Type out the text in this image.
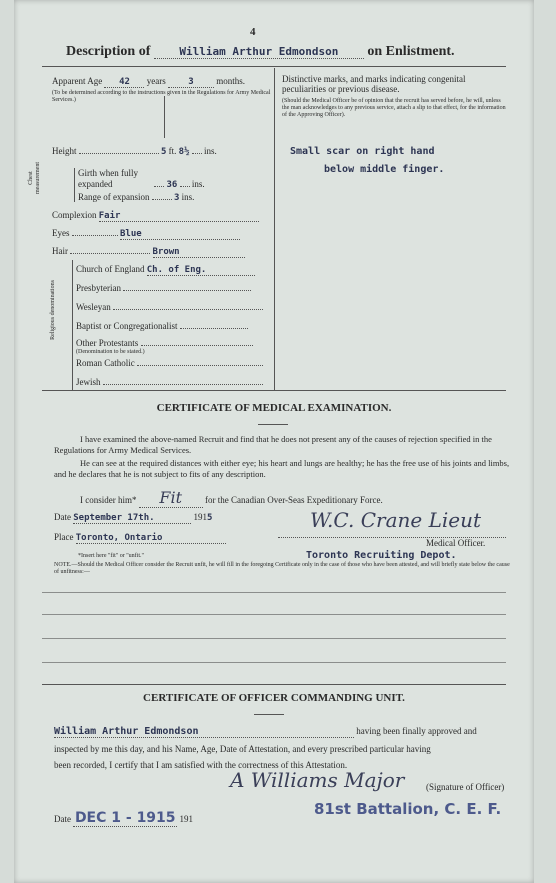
4
Description of	William Arthur Edmondson on Enlistment.
Apparent Age 42 years	3	months.
(To be determined according to the instructions given in the Regulations for Army Medical Services.)
Height	5 ft. 8½ ins.
Chest measurement	Girth when fully expanded	36 ins.
Range of expansion	3 ins.
Complexion Fair
Eyes	Blue
Hair	Brown
Religious denominations
Church of England Ch. of Eng.
Presbyterian
Wesleyan
Baptist or Congregationalist
Other Protestants
(Denomination to be stated.)
Roman Catholic
Jewish
Distinctive marks, and marks indicating congenital peculiarities or previous disease.
(Should the Medical Officer be of opinion that the recruit has served before, he will, unless the man acknowledges to any previous service, attach a slip to that effect, for the information of the Approving Officer).
Small scar on right hand
below middle finger.
CERTIFICATE OF MEDICAL EXAMINATION.
I have examined the above-named Recruit and find that he does not present any of the causes of rejection specified in the Regulations for Army Medical Services.
He can see at the required distances with either eye; his heart and lungs are healthy; he has the free use of his joints and limbs, and he declares that he is not subject to fits of any description.
I consider him* Fit	for the Canadian Over-Seas Expeditionary Force.
Date September 17th.	1915
Place Toronto, Ontario
W.C. Crane Lieut
Medical Officer.
*Insert here "fit" or "unfit."	Toronto Recruiting Depot.
NOTE.—Should the Medical Officer consider the Recruit unfit, he will fill in the foregoing Certificate only in the case of those who have been attested, and will briefly state below the cause of unfitness:—
CERTIFICATE OF OFFICER COMMANDING UNIT.
William Arthur Edmondson	having been finally approved and
inspected by me this day, and his Name, Age, Date of Attestation, and every prescribed particular having
been recorded, I certify that I am satisfied with the correctness of this Attestation.
A Williams Major (Signature of Officer)
Date DEC 1 - 1915 191
81st Battalion, C. E. F.
